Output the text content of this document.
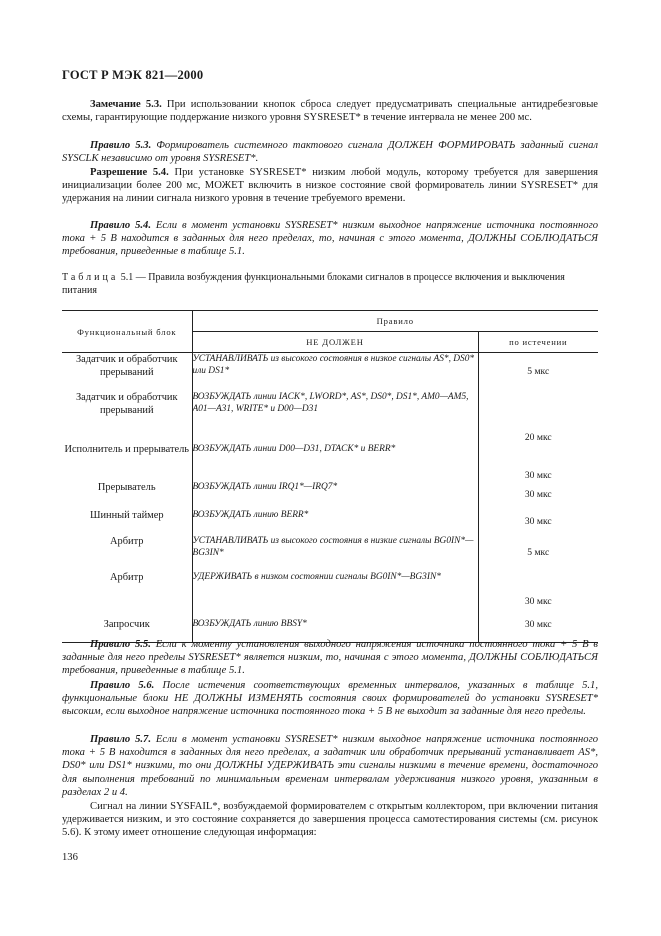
ГОСТ Р МЭК 821—2000

Замечание 5.3. При использовании кнопок сброса следует предусматривать специальные антидребезговые схемы, гарантирующие поддержание низкого уровня SYSRESET* в течение интервала не менее 200 мс.

Правило 5.3. Формирователь системного тактового сигнала ДОЛЖЕН ФОРМИРОВАТЬ заданный сигнал SYSCLK независимо от уровня SYSRESET*.

Разрешение 5.4. При установке SYSRESET* низким любой модуль, которому требуется для завершения инициализации более 200 мс, МОЖЕТ включить в низкое состояние свой формирователь линии SYSRESET* для удержания на линии сигнала низкого уровня в течение требуемого времени.

Правило 5.4. Если в момент установки SYSRESET* низким выходное напряжение источника постоянного тока + 5 В находится в заданных для него пределах, то, начиная с этого момента, ДОЛЖНЫ СОБЛЮДАТЬСЯ требования, приведенные в таблице 5.1.

Таблица 5.1 — Правила возбуждения функциональными блоками сигналов в процессе включения и выключения питания

Функциональный блок	Правило	
	НЕ ДОЛЖЕН	по истечении
Задатчик и обработчик прерываний	УСТАНАВЛИВАТЬ из высокого состояния в низкое сигналы AS*, DS0* или DS1*	5 мкс
Задатчик и обработчик прерываний	ВОЗБУЖДАТЬ линии IACK*, LWORD*, AS*, DS0*, DS1*, AM0—AM5, A01—A31, WRITE* и D00—D31	20 мкс
Исполнитель и прерыватель	ВОЗБУЖДАТЬ линии D00—D31, DTACK* и BERR*	30 мкс
Прерыватель	ВОЗБУЖДАТЬ линии IRQ1*—IRQ7*	30 мкс
Шинный таймер	ВОЗБУЖДАТЬ линию BERR*	30 мкс
Арбитр	УСТАНАВЛИВАТЬ из высокого состояния в низкие сигналы BG0IN*—BG3IN*	5 мкс
Арбитр	УДЕРЖИВАТЬ в низком состоянии сигналы BG0IN*—BG3IN*	30 мкс
Запросчик	ВОЗБУЖДАТЬ линию BBSY*	30 мкс

Правило 5.5. Если к моменту установления выходного напряжения источника постоянного тока + 5 В в заданные для него пределы SYSRESET* является низким, то, начиная с этого момента, ДОЛЖНЫ СОБЛЮДАТЬСЯ требования, приведенные в таблице 5.1.

Правило 5.6. После истечения соответствующих временных интервалов, указанных в таблице 5.1, функциональные блоки НЕ ДОЛЖНЫ ИЗМЕНЯТЬ состояния своих формирователей до установки SYSRESET* высоким, если выходное напряжение источника постоянного тока + 5 В не выходит за заданные для него пределы.

Правило 5.7. Если в момент установки SYSRESET* низким выходное напряжение источника постоянного тока + 5 В находится в заданных для него пределах, а задатчик или обработчик прерываний устанавливает AS*, DS0* или DS1* низкими, то они ДОЛЖНЫ УДЕРЖИВАТЬ эти сигналы низкими в течение времени, достаточного для выполнения требований по минимальным временам интервалам удерживания низкого уровня, указанным в разделах 2 и 4.

Сигнал на линии SYSFAIL*, возбуждаемой формирователем с открытым коллектором, при включении питания удерживается низким, и это состояние сохраняется до завершения процесса самотестирования системы (см. рисунок 5.6). К этому имеет отношение следующая информация:

136
